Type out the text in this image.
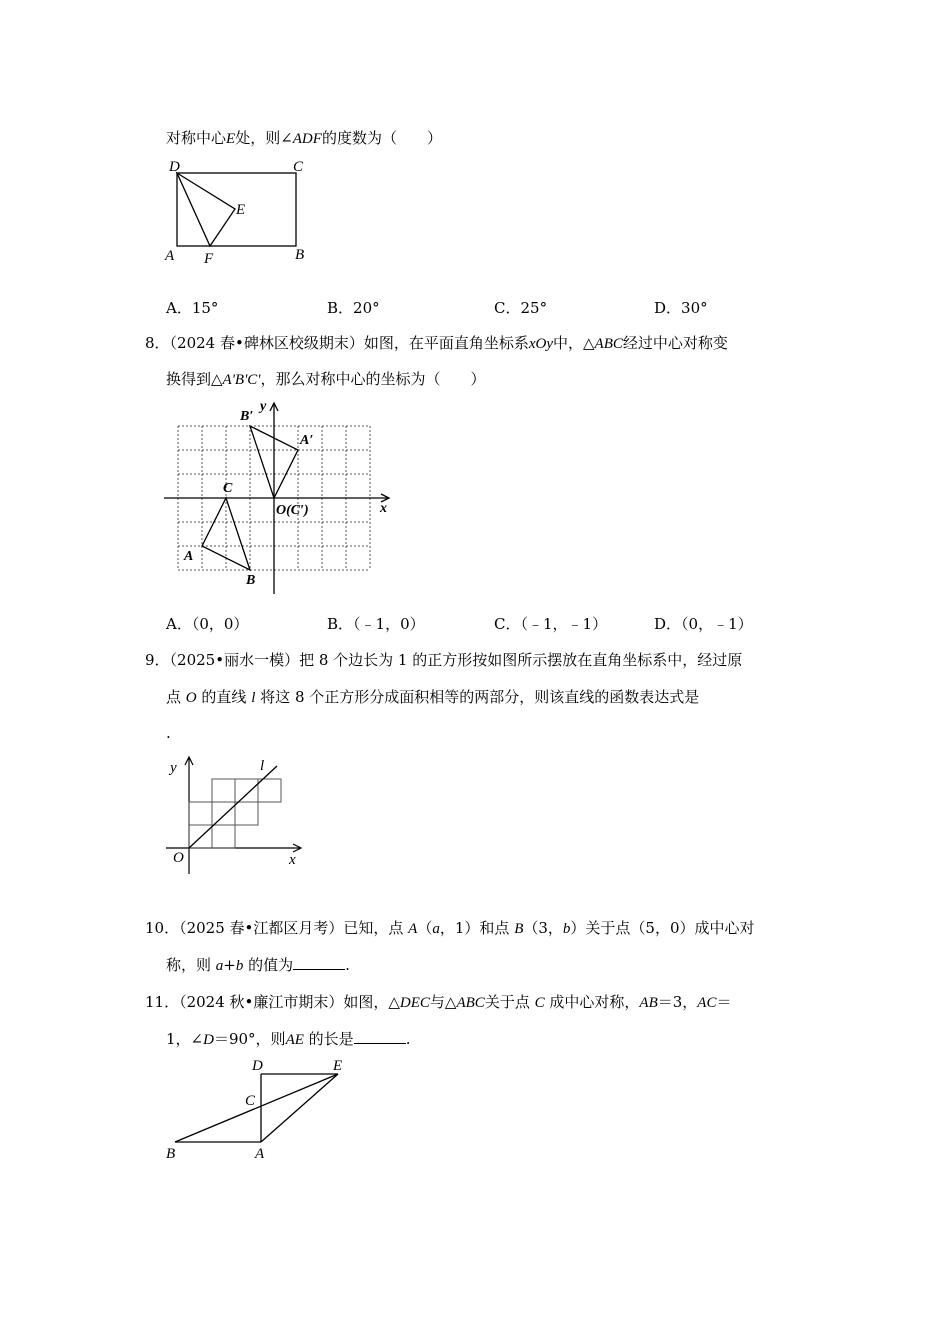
对称中心E处，则∠ADF的度数为（　　）
D	C
E
A F	B
A．15°	B．20°	C．25°	D．30°
8．（2024 春•碑林区校级期末）如图，在平面直角坐标系xOy中，△ABC经过中心对称变
换得到△A'B'C'，那么对称中心的坐标为（　　）
B′
y
A′
C
O(C′)	x
A
B
A．（0，0）	B．（﹣1，0）	C．（﹣1，﹣1）	D．（0，﹣1）
9．（2025•丽水一模）把 8 个边长为 1 的正方形按如图所示摆放在直角坐标系中，经过原
点 O 的直线 l 将这 8 个正方形分成面积相等的两部分，则该直线的函数表达式是
.
y	l
O	x
10．（2025 春•江都区月考）已知，点 A（a，1）和点 B（3，b）关于点（5，0）成中心对
称，则 a+b 的值为	.
11．（2024 秋•廉江市期末）如图，△DEC与△ABC关于点 C 成中心对称，AB＝3，AC＝
1，∠D＝90°，则AE 的长是	.
D	E
C
B	A
